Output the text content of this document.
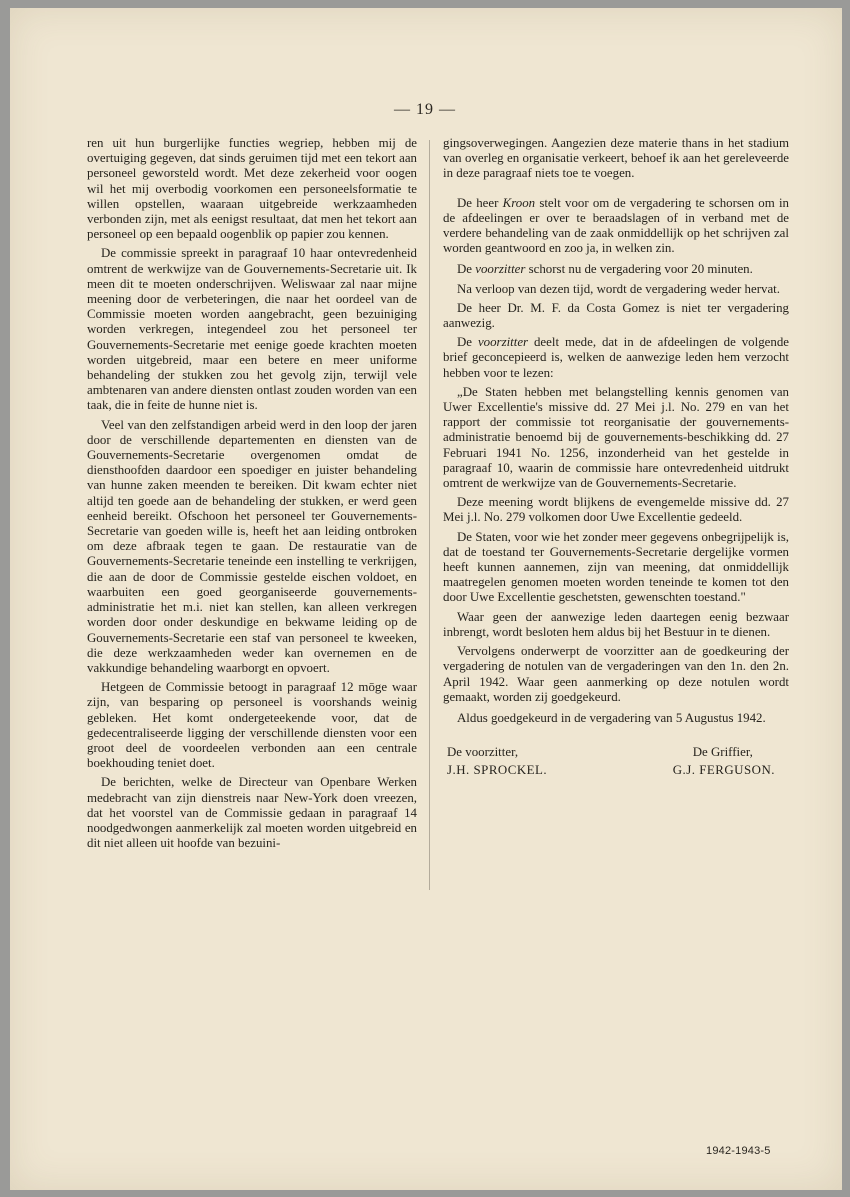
— 19 —

ren uit hun burgerlijke functies wegriep, hebben mij de overtuiging gegeven, dat sinds geruimen tijd met een tekort aan personeel geworsteld wordt. Met deze zekerheid voor oogen wil het mij overbodig voorkomen een personeelsformatie te willen opstellen, waaraan uitgebreide werkzaamheden verbonden zijn, met als eenigst resultaat, dat men het tekort aan personeel op een bepaald oogenblik op papier zou kennen.

De commissie spreekt in paragraaf 10 haar ontevredenheid omtrent de werkwijze van de Gouvernements-Secretarie uit. Ik meen dit te moeten onderschrijven. Weliswaar zal naar mijne meening door de verbeteringen, die naar het oordeel van de Commissie moeten worden aangebracht, geen bezuiniging worden verkregen, integendeel zou het personeel ter Gouvernements-Secretarie met eenige goede krachten moeten worden uitgebreid, maar een betere en meer uniforme behandeling der stukken zou het gevolg zijn, terwijl vele ambtenaren van andere diensten ontlast zouden worden van een taak, die in feite de hunne niet is.

Veel van den zelfstandigen arbeid werd in den loop der jaren door de verschillende departementen en diensten van de Gouvernements-Secretarie overgenomen omdat de diensthoofden daardoor een spoediger en juister behandeling van hunne zaken meenden te bereiken. Dit kwam echter niet altijd ten goede aan de behandeling der stukken, er werd geen eenheid bereikt. Ofschoon het personeel ter Gouvernements-Secretarie van goeden wille is, heeft het aan leiding ontbroken om deze afbraak tegen te gaan. De restauratie van de Gouvernements-Secretarie teneinde een instelling te verkrijgen, die aan de door de Commissie gestelde eischen voldoet, en waarbuiten een goed georganiseerde gouvernements-administratie het m.i. niet kan stellen, kan alleen verkregen worden door onder deskundige en bekwame leiding op de Gouvernements-Secretarie een staf van personeel te kweeken, die deze werkzaamheden weder kan overnemen en de vakkundige behandeling waarborgt en opvoert.

Hetgeen de Commissie betoogt in paragraaf 12 mōge waar zijn, van besparing op personeel is voorshands weinig gebleken. Het komt ondergeteekende voor, dat de gedecentraliseerde ligging der verschillende diensten voor een groot deel de voordeelen verbonden aan een centrale boekhouding teniet doet.

De berichten, welke de Directeur van Openbare Werken medebracht van zijn dienstreis naar New-York doen vreezen, dat het voorstel van de Commissie gedaan in paragraaf 14 noodgedwongen aanmerkelijk zal moeten worden uitgebreid en dit niet alleen uit hoofde van bezuini-

gingsoverwegingen. Aangezien deze materie thans in het stadium van overleg en organisatie verkeert, behoef ik aan het gereleveerde in deze paragraaf niets toe te voegen.

De heer Kroon stelt voor om de vergadering te schorsen om in de afdeelingen er over te beraadslagen of in verband met de verdere behandeling van de zaak onmiddellijk op het schrijven zal worden geantwoord en zoo ja, in welken zin.

De voorzitter schorst nu de vergadering voor 20 minuten.

Na verloop van dezen tijd, wordt de vergadering weder hervat.

De heer Dr. M. F. da Costa Gomez is niet ter vergadering aanwezig.

De voorzitter deelt mede, dat in de afdeelingen de volgende brief geconcepieerd is, welken de aanwezige leden hem verzocht hebben voor te lezen:

„De Staten hebben met belangstelling kennis genomen van Uwer Excellentie's missive dd. 27 Mei j.l. No. 279 en van het rapport der commissie tot reorganisatie der gouvernements-administratie benoemd bij de gouvernements-beschikking dd. 27 Februari 1941 No. 1256, inzonderheid van het gestelde in paragraaf 10, waarin de commissie hare ontevredenheid uitdrukt omtrent de werkwijze van de Gouvernements-Secretarie.

Deze meening wordt blijkens de evengemelde missive dd. 27 Mei j.l. No. 279 volkomen door Uwe Excellentie gedeeld.

De Staten, voor wie het zonder meer gegevens onbegrijpelijk is, dat de toestand ter Gouvernements-Secretarie dergelijke vormen heeft kunnen aannemen, zijn van meening, dat onmiddellijk maatregelen genomen moeten worden teneinde te komen tot den door Uwe Excellentie geschetsten, gewenschten toestand."

Waar geen der aanwezige leden daartegen eenig bezwaar inbrengt, wordt besloten hem aldus bij het Bestuur in te dienen.

Vervolgens onderwerpt de voorzitter aan de goedkeuring der vergadering de notulen van de vergaderingen van den 1n. den 2n. April 1942. Waar geen aanmerking op deze notulen wordt gemaakt, worden zij goedgekeurd.

Aldus goedgekeurd in de vergadering van 5 Augustus 1942.

De voorzitter,
J.H. SPROCKEL.
De Griffier,
G.J. FERGUSON.
1942-1943-5
